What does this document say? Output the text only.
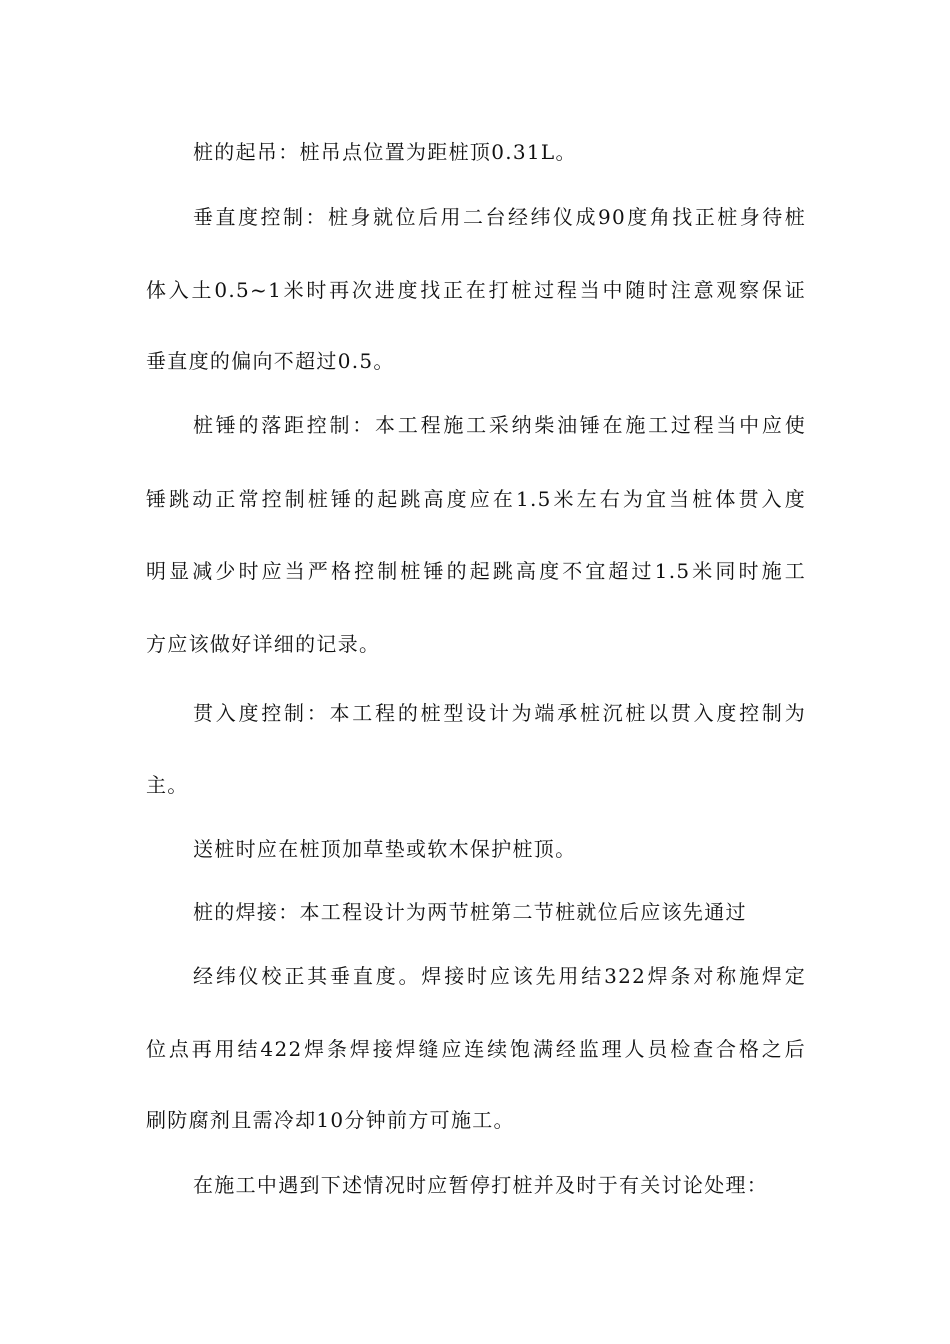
桩的起吊：桩吊点位置为距桩顶0.31L。
垂直度控制：桩身就位后用二台经纬仪成90度角找正桩身待桩
体入土0.5~1米时再次进度找正在打桩过程当中随时注意观察保证
垂直度的偏向不超过0.5。
桩锤的落距控制：本工程施工采纳柴油锤在施工过程当中应使
锤跳动正常控制桩锤的起跳高度应在1.5米左右为宜当桩体贯入度
明显减少时应当严格控制桩锤的起跳高度不宜超过1.5米同时施工
方应该做好详细的记录。
贯入度控制：本工程的桩型设计为端承桩沉桩以贯入度控制为
主。
送桩时应在桩顶加草垫或软木保护桩顶。
桩的焊接：本工程设计为两节桩第二节桩就位后应该先通过
经纬仪校正其垂直度。焊接时应该先用结322焊条对称施焊定
位点再用结422焊条焊接焊缝应连续饱满经监理人员检查合格之后
刷防腐剂且需冷却10分钟前方可施工。
在施工中遇到下述情况时应暂停打桩并及时于有关讨论处理：
